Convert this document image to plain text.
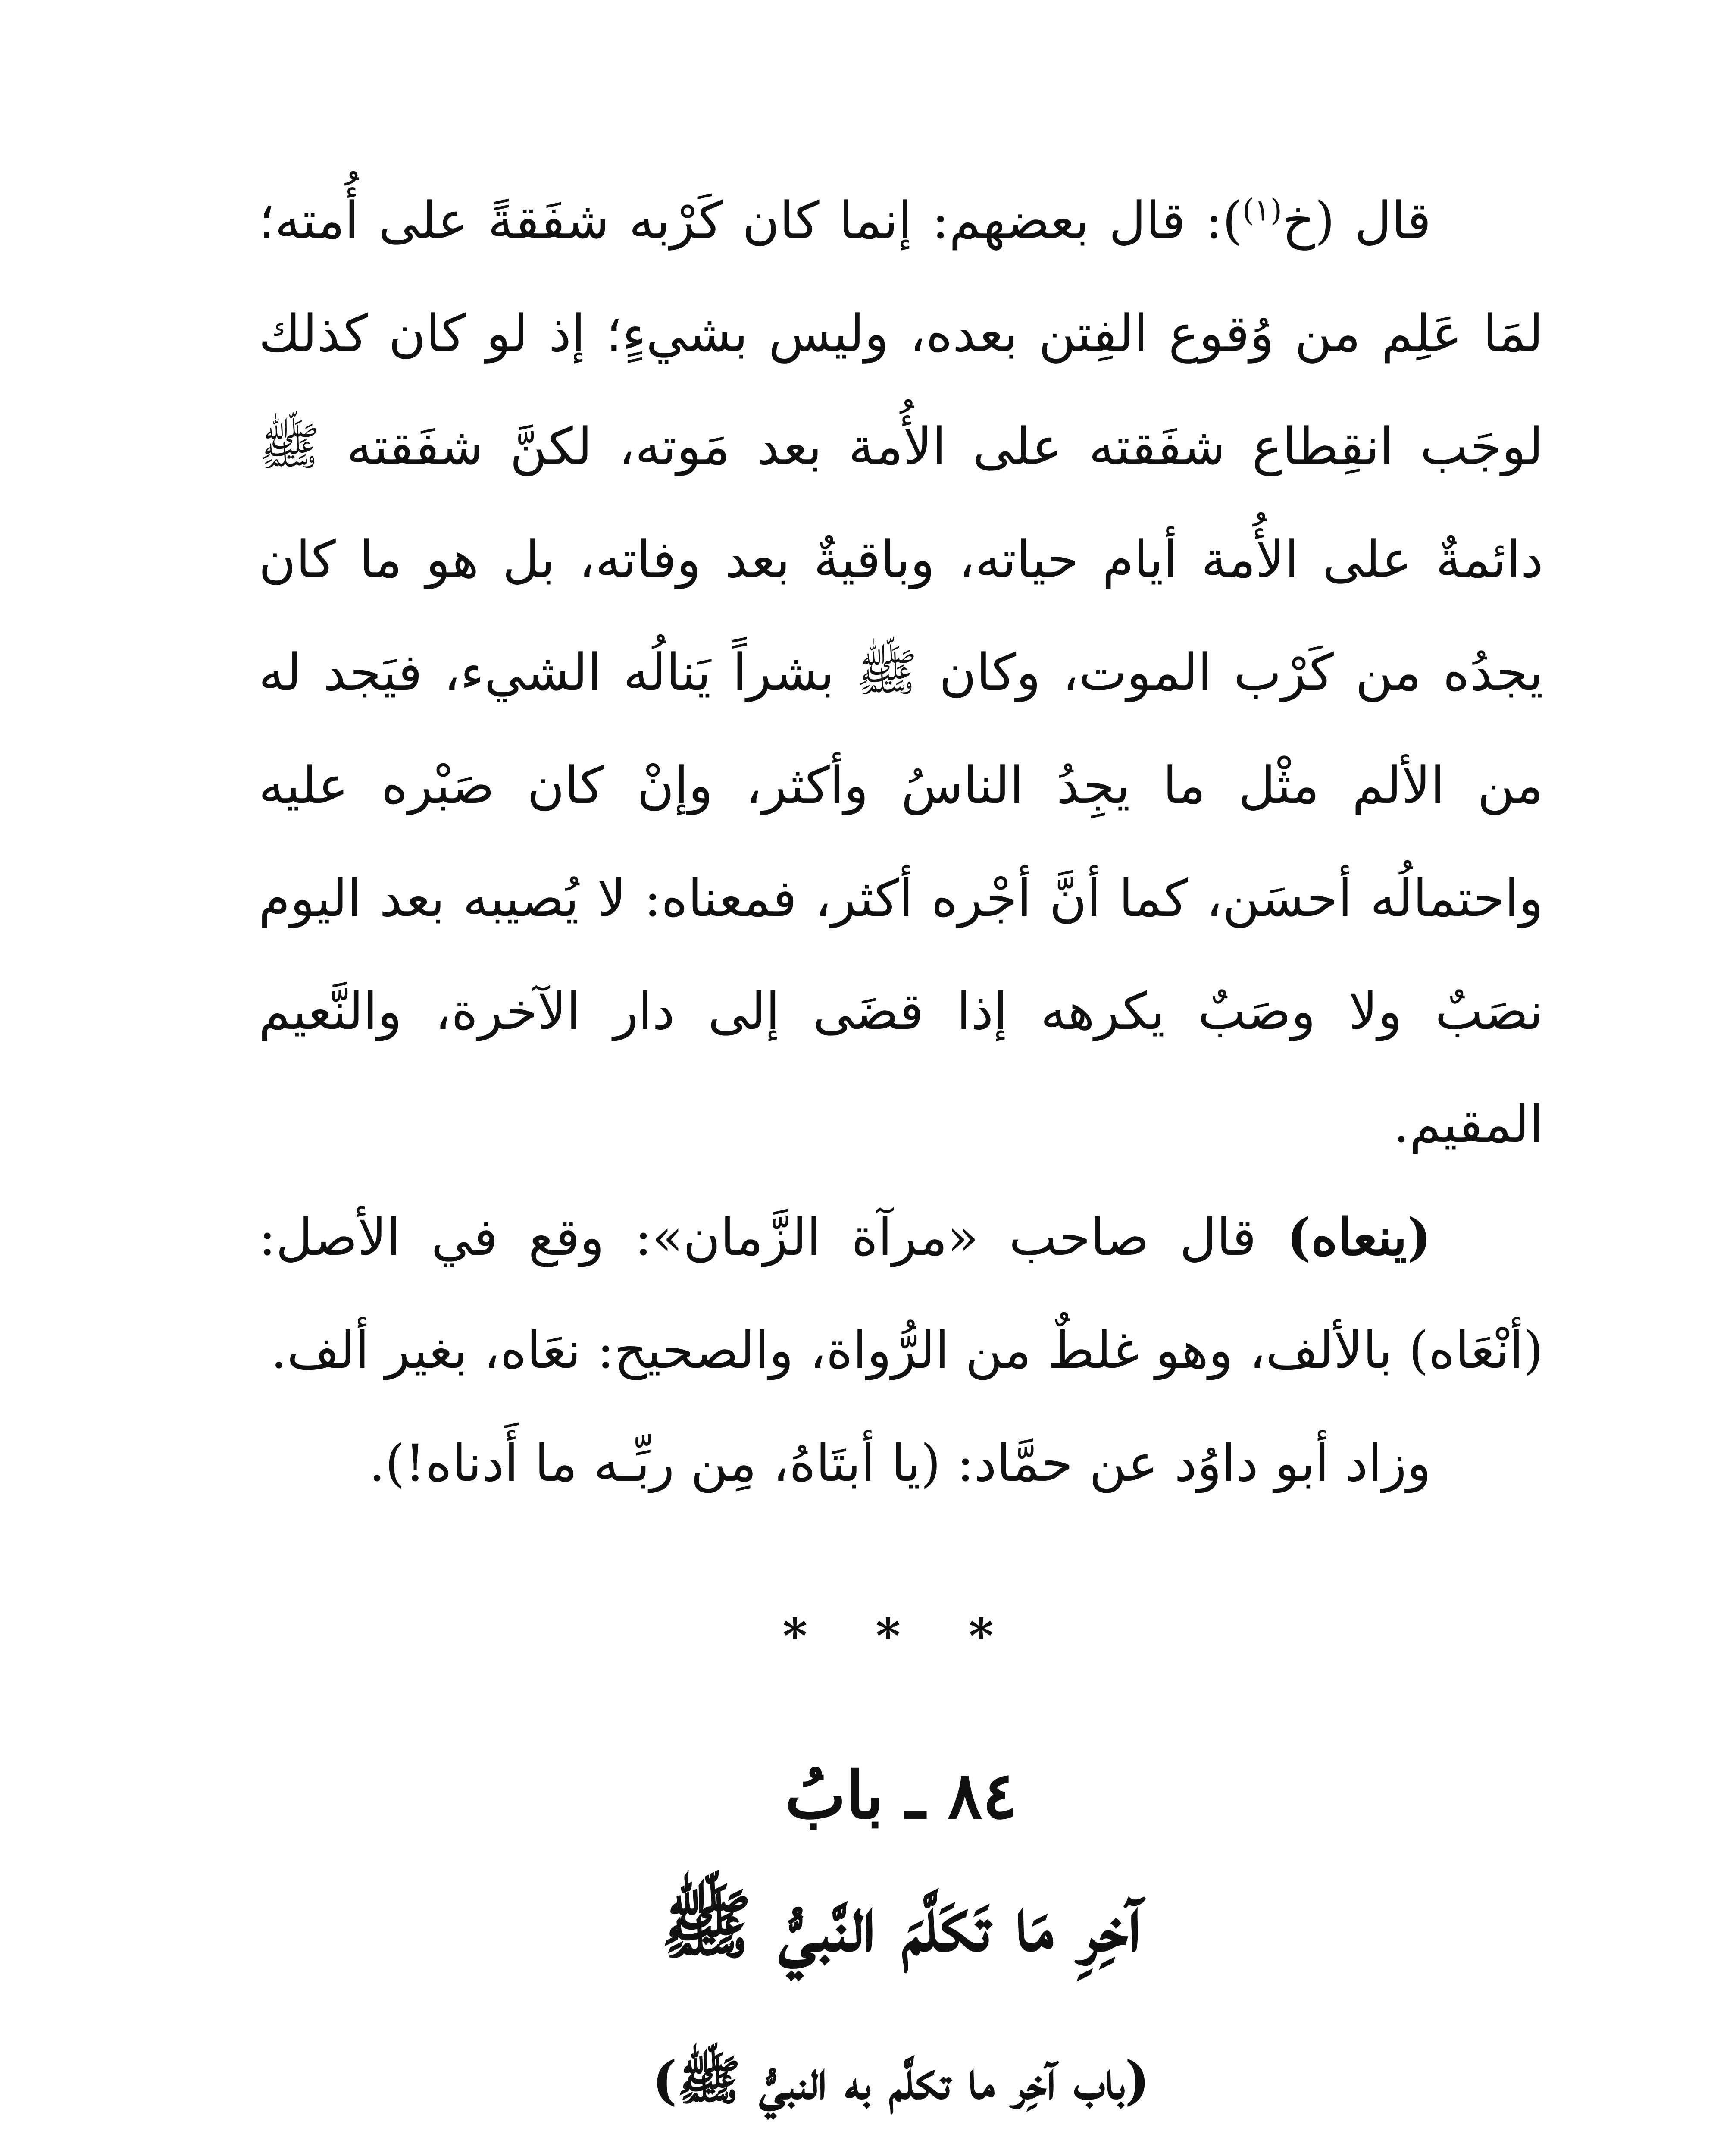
قال (خ$^{(١)}$): قال بعضهم: إنما كان كَرْبه شفَقةً على أُمته؛ لمَا عَلِم من وُقوع الفِتن بعده، وليس بشيءٍ؛ إذ لو كان كذلك لوجَب انقِطاع شفَقته على الأُمة بعد مَوته، لكنَّ شفَقته ﷺ دائمةٌ على الأُمة أيام حياته، وباقيةٌ بعد وفاته، بل هو ما كان يجدُه من كَرْب الموت، وكان ﷺ بشراً يَنالُه الشيء، فيَجد له من الألم مثْل ما يجِدُ الناسُ وأكثر، وإنْ كان صَبْره عليه واحتمالُه أحسَن، كما أنَّ أجْره أكثر، فمعناه: لا يُصيبه بعد اليوم نصَبٌ ولا وصَبٌ يكرهه إذا قضَى إلى دار الآخرة، والنَّعيم المقيم.

(ينعاه) قال صاحب «مرآة الزَّمان»: وقع في الأصل: (أنْعَاه) بالألف، وهو غلطٌ من الرُّواة، والصحيح: نعَاه، بغير ألف.

وزاد أبو داوُد عن حمَّاد: (يا أبتَاهُ، مِن ربِّـه ما أَدناه!).

* * *
٨٤ ـ بابُ
آخِرِ مَا تَكَلَّمَ النَّبيُّ ﷺ
(باب آخِر ما تكلَّم به النبيُّ ﷺ)
